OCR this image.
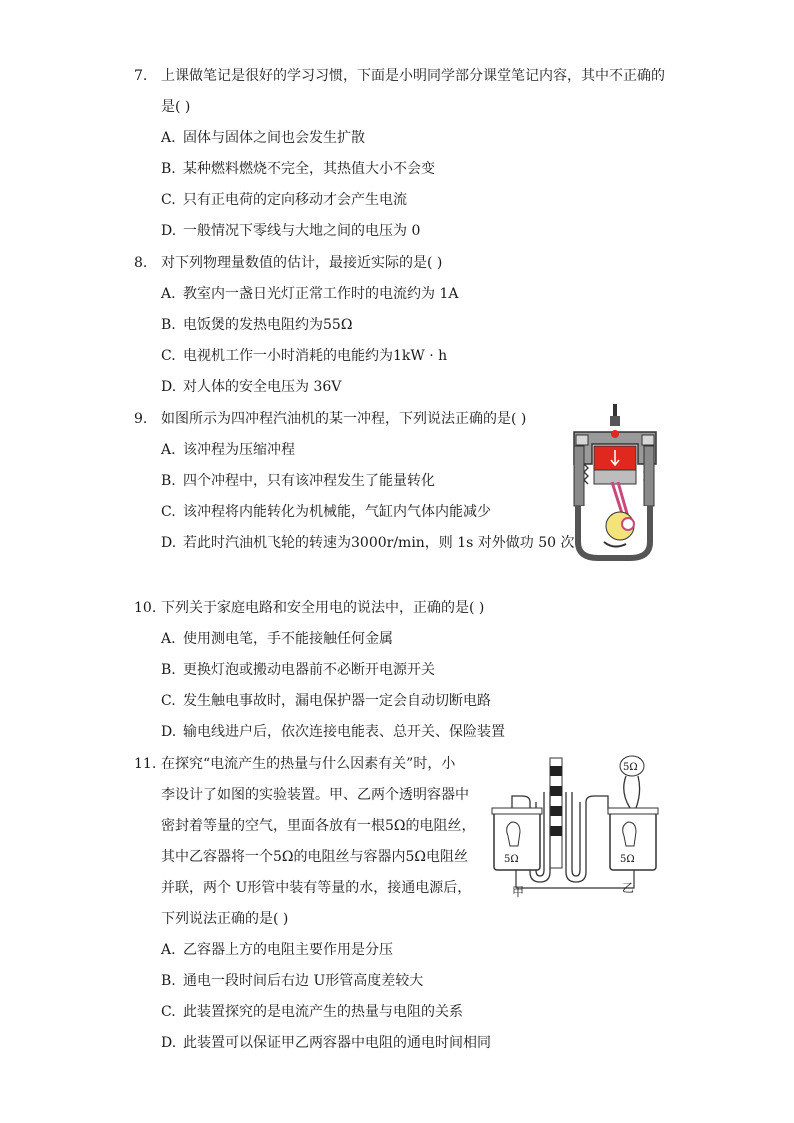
7. 上课做笔记是很好的学习习惯，下面是小明同学部分课堂笔记内容，其中不正确的
是( )
A. 固体与固体之间也会发生扩散
B. 某种燃料燃烧不完全，其热值大小不会变
C. 只有正电荷的定向移动才会产生电流
D. 一般情况下零线与大地之间的电压为 0
8. 对下列物理量数值的估计，最接近实际的是( )
A. 教室内一盏日光灯正常工作时的电流约为 1A
B. 电饭煲的发热电阻约为55Ω
C. 电视机工作一小时消耗的电能约为1kW · h
D. 对人体的安全电压为 36V
9. 如图所示为四冲程汽油机的某一冲程，下列说法正确的是( )
A. 该冲程为压缩冲程
B. 四个冲程中，只有该冲程发生了能量转化
C. 该冲程将内能转化为机械能，气缸内气体内能减少
D. 若此时汽油机飞轮的转速为3000r/min，则 1s 对外做功 50 次
10. 下列关于家庭电路和安全用电的说法中，正确的是( )
A. 使用测电笔，手不能接触任何金属
B. 更换灯泡或搬动电器前不必断开电源开关
C. 发生触电事故时，漏电保护器一定会自动切断电路
D. 输电线进户后，依次连接电能表、总开关、保险装置
11. 在探究“电流产生的热量与什么因素有关”时，小
李设计了如图的实验装置。甲、乙两个透明容器中
密封着等量的空气，里面各放有一根5Ω的电阻丝，
其中乙容器将一个5Ω的电阻丝与容器内5Ω电阻丝
并联，两个 U形管中装有等量的水，接通电源后，
下列说法正确的是( )
A. 乙容器上方的电阻主要作用是分压
B. 通电一段时间后右边 U形管高度差较大
C. 此装置探究的是电流产生的热量与电阻的关系
D. 此装置可以保证甲乙两容器中电阻的通电时间相同
5Ω	5Ω
5Ω
甲	乙
